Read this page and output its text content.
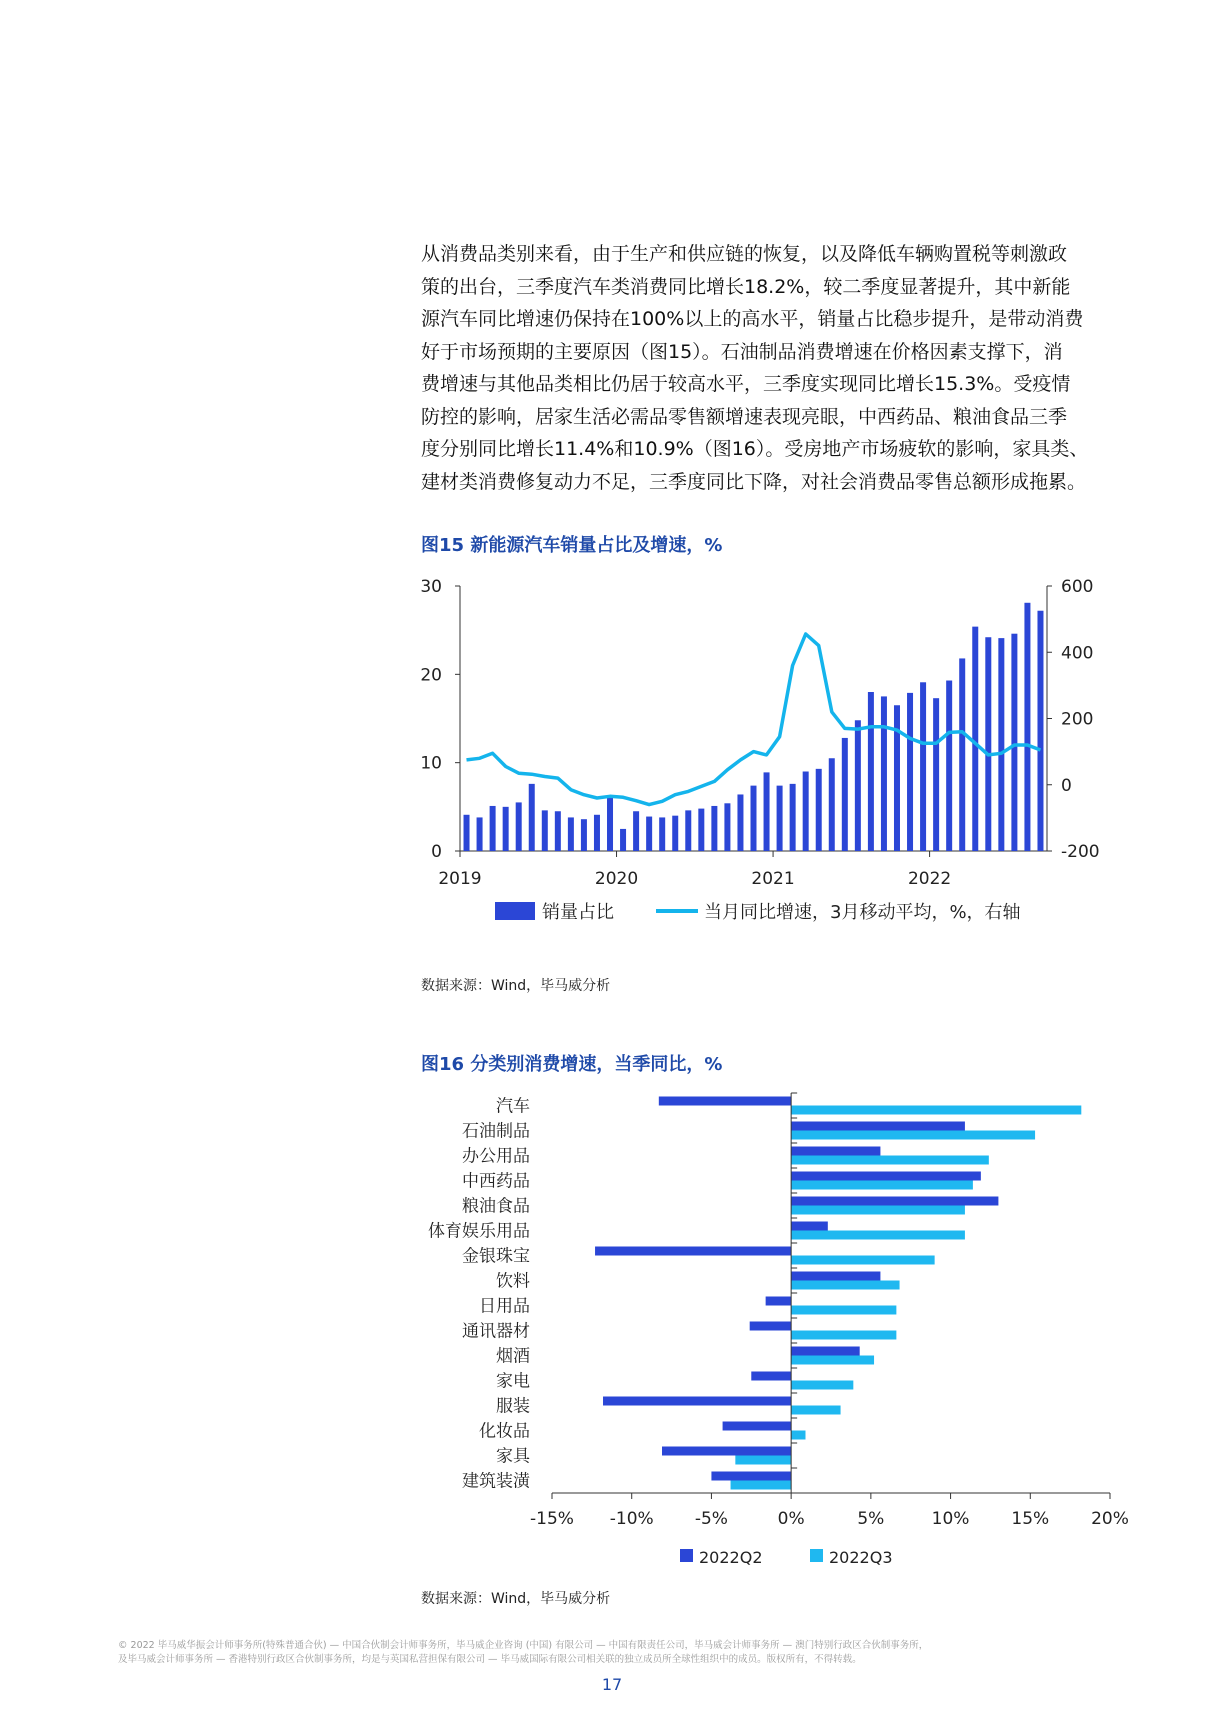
从消费品类别来看，由于生产和供应链的恢复，以及降低车辆购置税等刺激政
策的出台，三季度汽车类消费同比增长18.2%，较二季度显著提升，其中新能
源汽车同比增速仍保持在100%以上的高水平，销量占比稳步提升，是带动消费
好于市场预期的主要原因（图15）。石油制品消费增速在价格因素支撑下，消
费增速与其他品类相比仍居于较高水平，三季度实现同比增长15.3%。受疫情
防控的影响，居家生活必需品零售额增速表现亮眼，中西药品、粮油食品三季
度分别同比增长11.4%和10.9%（图16）。受房地产市场疲软的影响，家具类、
建材类消费修复动力不足，三季度同比下降，对社会消费品零售总额形成拖累。
图15 新能源汽车销量占比及增速，%
0
10
20
30
-200
0
200
400
600
2019	2020	2021	2022
销量占比	当月同比增速，3月移动平均，%，右轴
数据来源：Wind，毕马威分析
图16 分类别消费增速，当季同比，%
汽车
石油制品
办公用品
中西药品
粮油食品
体育娱乐用品
金银珠宝
饮料
日用品
通讯器材
烟酒
家电
服装
化妆品
家具
建筑装潢
-15% -10% -5%	0%	5%	10% 15% 20%
2022Q2	2022Q3
数据来源：Wind，毕马威分析
© 2022 毕马威华振会计师事务所(特殊普通合伙) — 中国合伙制会计师事务所，毕马威企业咨询 (中国) 有限公司 — 中国有限责任公司，毕马威会计师事务所 — 澳门特别行政区合伙制事务所，
及毕马威会计师事务所 — 香港特别行政区合伙制事务所，均是与英国私营担保有限公司 — 毕马威国际有限公司相关联的独立成员所全球性组织中的成员。版权所有，不得转载。
17
